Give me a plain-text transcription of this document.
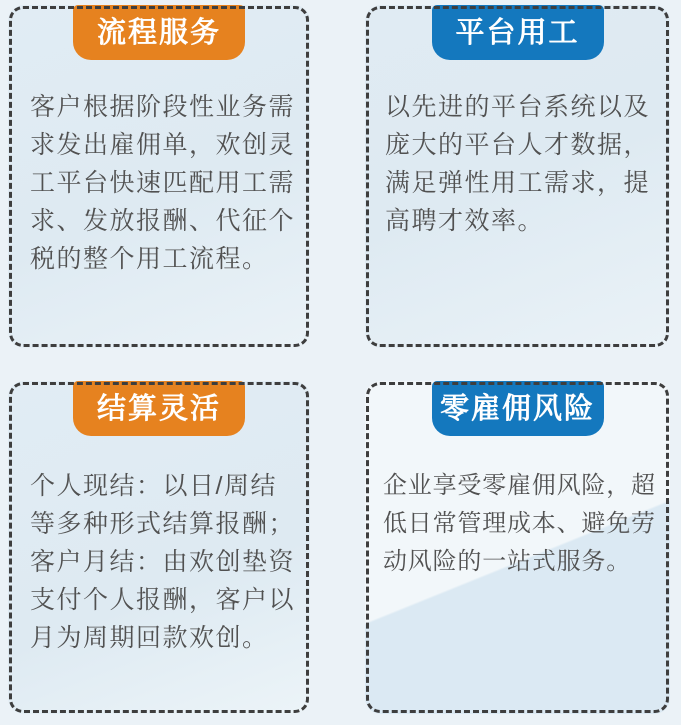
流程服务
客户根据阶段性业务需
求发出雇佣单，欢创灵
工平台快速匹配用工需
求、发放报酬、代征个
税的整个用工流程。
平台用工
以先进的平台系统以及
庞大的平台人才数据，
满足弹性用工需求，提
高聘才效率。
结算灵活
个人现结：以日/周结
等多种形式结算报酬；
客户月结：由欢创垫资
支付个人报酬，客户以
月为周期回款欢创。
零雇佣风险
企业享受零雇佣风险，超
低日常管理成本、避免劳
动风险的一站式服务。
